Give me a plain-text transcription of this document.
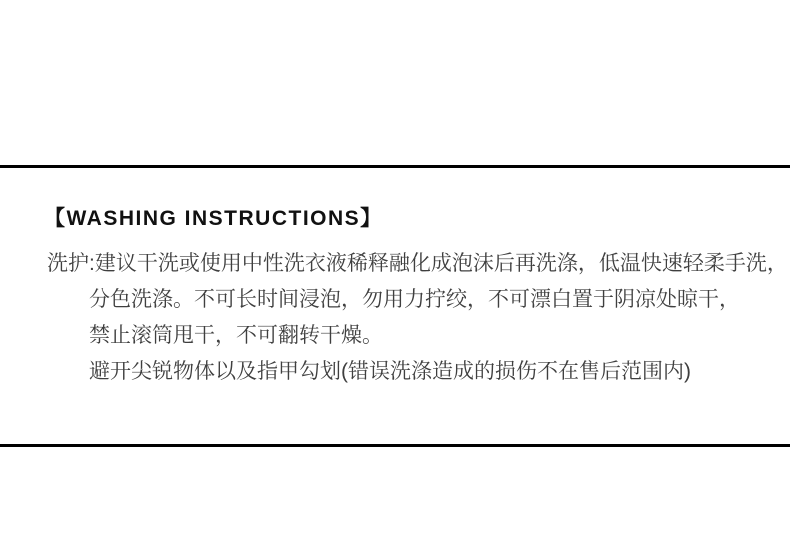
【WASHING INSTRUCTIONS】

洗护:建议干洗或使用中性洗衣液稀释融化成泡沫后再洗涤，低温快速轻柔手洗，

分色洗涤。不可长时间浸泡，勿用力拧绞，不可漂白置于阴凉处晾干，

禁止滚筒甩干，不可翻转干燥。

避开尖锐物体以及指甲勾划(错误洗涤造成的损伤不在售后范围内)
